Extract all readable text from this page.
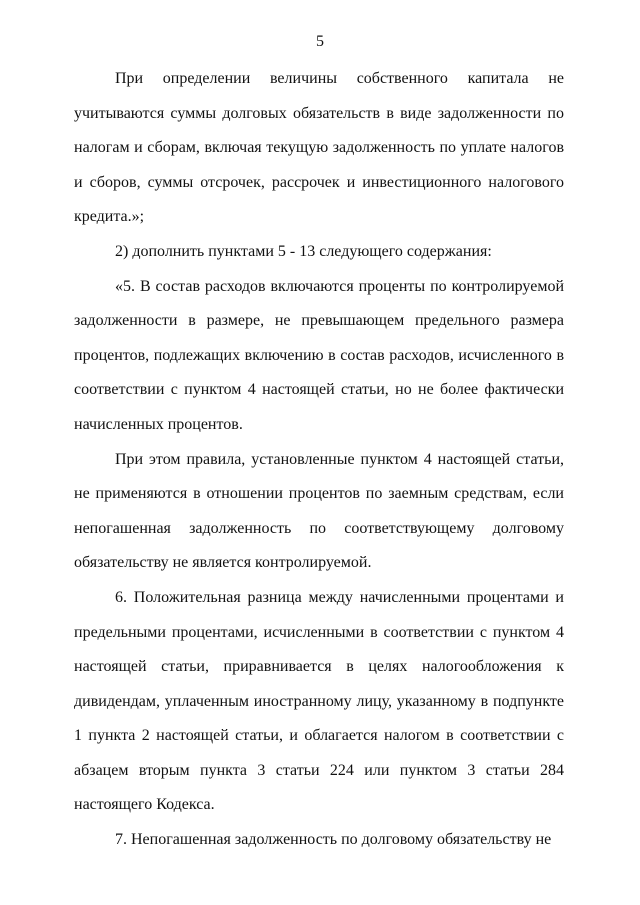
5

При определении величины собственного капитала не учитываются суммы долговых обязательств в виде задолженности по налогам и сборам, включая текущую задолженность по уплате налогов и сборов, суммы отсрочек, рассрочек и инвестиционного налогового кредита.»;

2) дополнить пунктами 5 - 13 следующего содержания:

«5. В состав расходов включаются проценты по контролируемой задолженности в размере, не превышающем предельного размера процентов, подлежащих включению в состав расходов, исчисленного в соответствии с пунктом 4 настоящей статьи, но не более фактически начисленных процентов.

При этом правила, установленные пунктом 4 настоящей статьи, не применяются в отношении процентов по заемным средствам, если непогашенная задолженность по соответствующему долговому обязательству не является контролируемой.

6. Положительная разница между начисленными процентами и предельными процентами, исчисленными в соответствии с пунктом 4 настоящей статьи, приравнивается в целях налогообложения к дивидендам, уплаченным иностранному лицу, указанному в подпункте 1 пункта 2 настоящей статьи, и облагается налогом в соответствии с абзацем вторым пункта 3 статьи 224 или пунктом 3 статьи 284 настоящего Кодекса.

7. Непогашенная задолженность по долговому обязательству не
